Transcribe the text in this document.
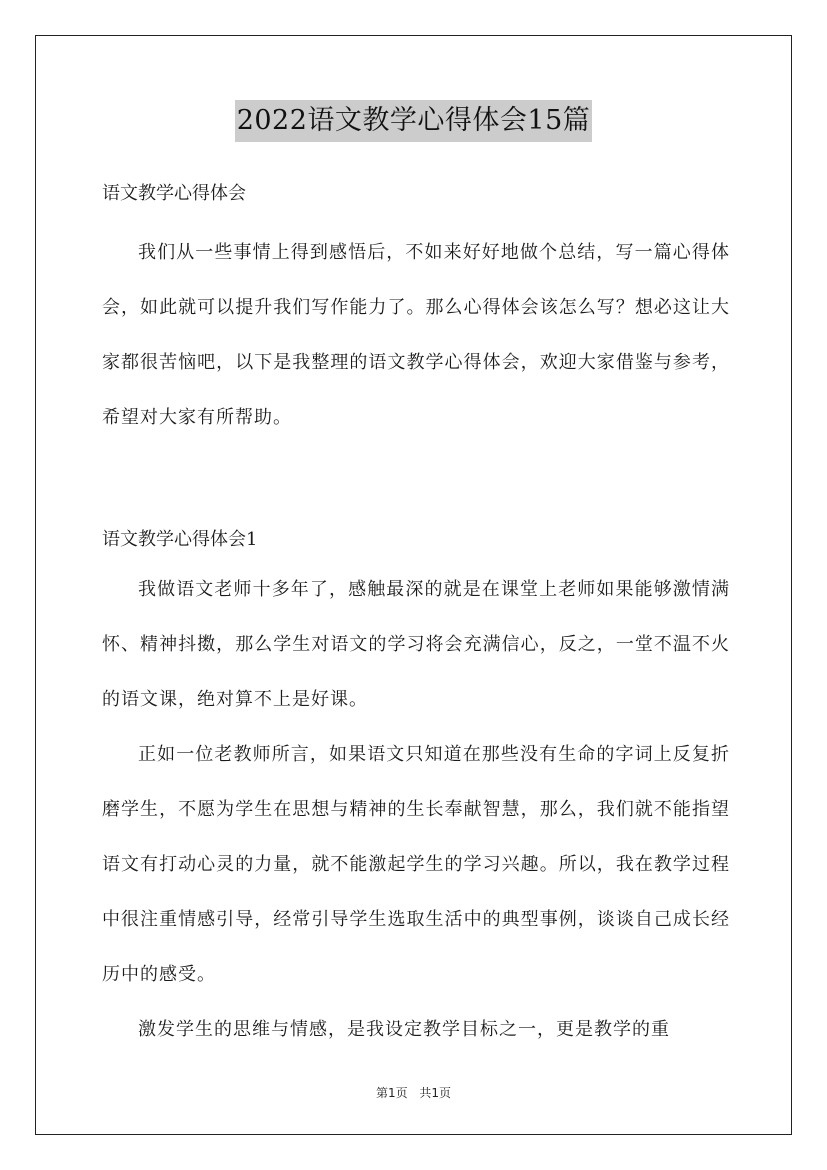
2022语文教学心得体会15篇

语文教学心得体会

我们从一些事情上得到感悟后，不如来好好地做个总结，写一篇心得体会，如此就可以提升我们写作能力了。那么心得体会该怎么写？想必这让大家都很苦恼吧，以下是我整理的语文教学心得体会，欢迎大家借鉴与参考，希望对大家有所帮助。

语文教学心得体会1

我做语文老师十多年了，感触最深的就是在课堂上老师如果能够激情满怀、精神抖擞，那么学生对语文的学习将会充满信心，反之，一堂不温不火的语文课，绝对算不上是好课。

正如一位老教师所言，如果语文只知道在那些没有生命的字词上反复折磨学生，不愿为学生在思想与精神的生长奉献智慧，那么，我们就不能指望语文有打动心灵的力量，就不能激起学生的学习兴趣。所以，我在教学过程中很注重情感引导，经常引导学生选取生活中的典型事例，谈谈自己成长经历中的感受。

激发学生的思维与情感，是我设定教学目标之一，更是教学的重

第1页 共1页
